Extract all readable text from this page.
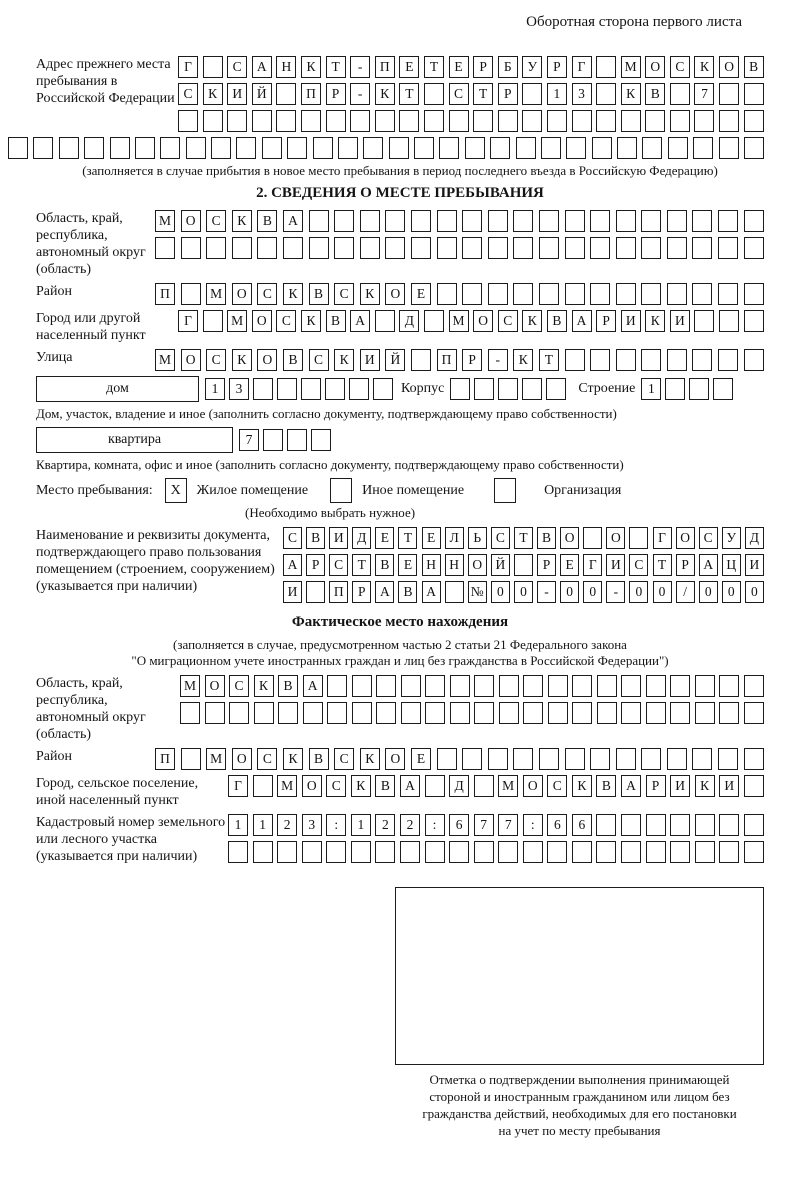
Оборотная сторона первого листа
Адрес прежнего места пребывания в Российской Федерации
Г	С	А	Н	К	Т	-	П	Е	Т	Е	Р	Б	У	Р	Г	М	О	С	К	О	В
С	К	И	Й	П	Р	-	К	Т	С	Т	Р	1	3	К	В	7
(заполняется в случае прибытия в новое место пребывания в период последнего въезда в Российскую Федерацию)
2. СВЕДЕНИЯ О МЕСТЕ ПРЕБЫВАНИЯ
Область, край, республика, автономный округ (область)
М	О	С	К	В	А
Район	П	М	О	С	К	В	С	К	О	Е
Город или другой населенный пункт
Г	М	О	С	К	В	А	Д	М	О	С	К	В	А	Р	И	К	И
Улица	М	О	С	К	О	В	С	К	И	Й	П	Р	-	К	Т
дом	1	3	Корпус	Строение 1
Дом, участок, владение и иное (заполнить согласно документу, подтверждающему право собственности)
квартира	7
Квартира, комната, офис и иное (заполнить согласно документу, подтверждающему право собственности)
Место пребывания:	X	Жилое помещение	Иное помещение	Организация
(Необходимо выбрать нужное)
Наименование и реквизиты документа, подтверждающего право пользования помещением (строением, сооружением) (указывается при наличии)
С	В	И	Д	Е	Т	Е	Л	Ь	С	Т	В	О	О	Г	О	С	У	Д
А	Р	С	Т	В	Е	Н Н О Й	Р	Е	Г	И	С	Т	Р	А Ц И
И	П	Р	А	В	А	№ 0	0	-	0	0	-	0	0	/	0	0	0
Фактическое место нахождения
(заполняется в случае, предусмотренном частью 2 статьи 21 Федерального закона
"О миграционном учете иностранных граждан и лиц без гражданства в Российской Федерации")
Область, край, республика, автономный округ (область)
М	О	С	К	В	А
Район	П	М	О	С	К	В	С	К	О	Е
Город, сельское поселение, иной населенный пункт
Г	М	О	С	К	В	А	Д	М	О	С	К	В	А	Р	И	К	И
Кадастровый номер земельного или лесного участка (указывается при наличии)
1	1	2	3	:	1	2	2	:	6	7	7	:	6	6
Отметка о подтверждении выполнения принимающей
стороной и иностранным гражданином или лицом без
гражданства действий, необходимых для его постановки
на учет по месту пребывания
